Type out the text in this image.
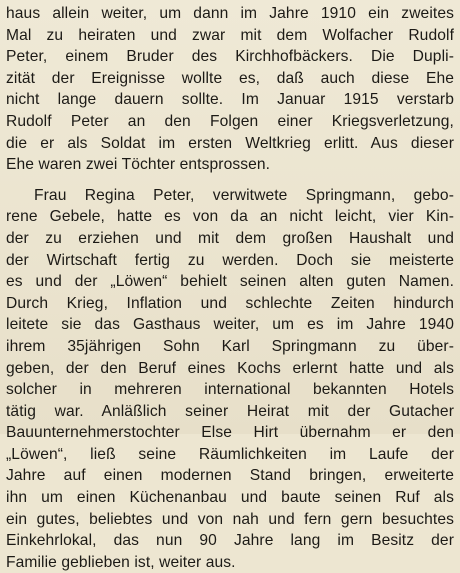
haus allein weiter, um dann im Jahre 1910 ein zweites
Mal zu heiraten und zwar mit dem Wolfacher Rudolf
Peter, einem Bruder des Kirchhofbäckers. Die Dupli-
zität der Ereignisse wollte es, daß auch diese Ehe
nicht lange dauern sollte. Im Januar 1915 verstarb
Rudolf Peter an den Folgen einer Kriegsverletzung,
die er als Soldat im ersten Weltkrieg erlitt. Aus dieser
Ehe waren zwei Töchter entsprossen.

Frau Regina Peter, verwitwete Springmann, gebo-
rene Gebele, hatte es von da an nicht leicht, vier Kin-
der zu erziehen und mit dem großen Haushalt und
der Wirtschaft fertig zu werden. Doch sie meisterte
es und der „Löwen“ behielt seinen alten guten Namen.
Durch Krieg, Inflation und schlechte Zeiten hindurch
leitete sie das Gasthaus weiter, um es im Jahre 1940
ihrem 35jährigen Sohn Karl Springmann zu über-
geben, der den Beruf eines Kochs erlernt hatte und als
solcher in mehreren international bekannten Hotels
tätig war. Anläßlich seiner Heirat mit der Gutacher
Bauunternehmerstochter Else Hirt übernahm er den
„Löwen“, ließ seine Räumlichkeiten im Laufe der
Jahre auf einen modernen Stand bringen, erweiterte
ihn um einen Küchenanbau und baute seinen Ruf als
ein gutes, beliebtes und von nah und fern gern besuchtes
Einkehrlokal, das nun 90 Jahre lang im Besitz der
Familie geblieben ist, weiter aus.
